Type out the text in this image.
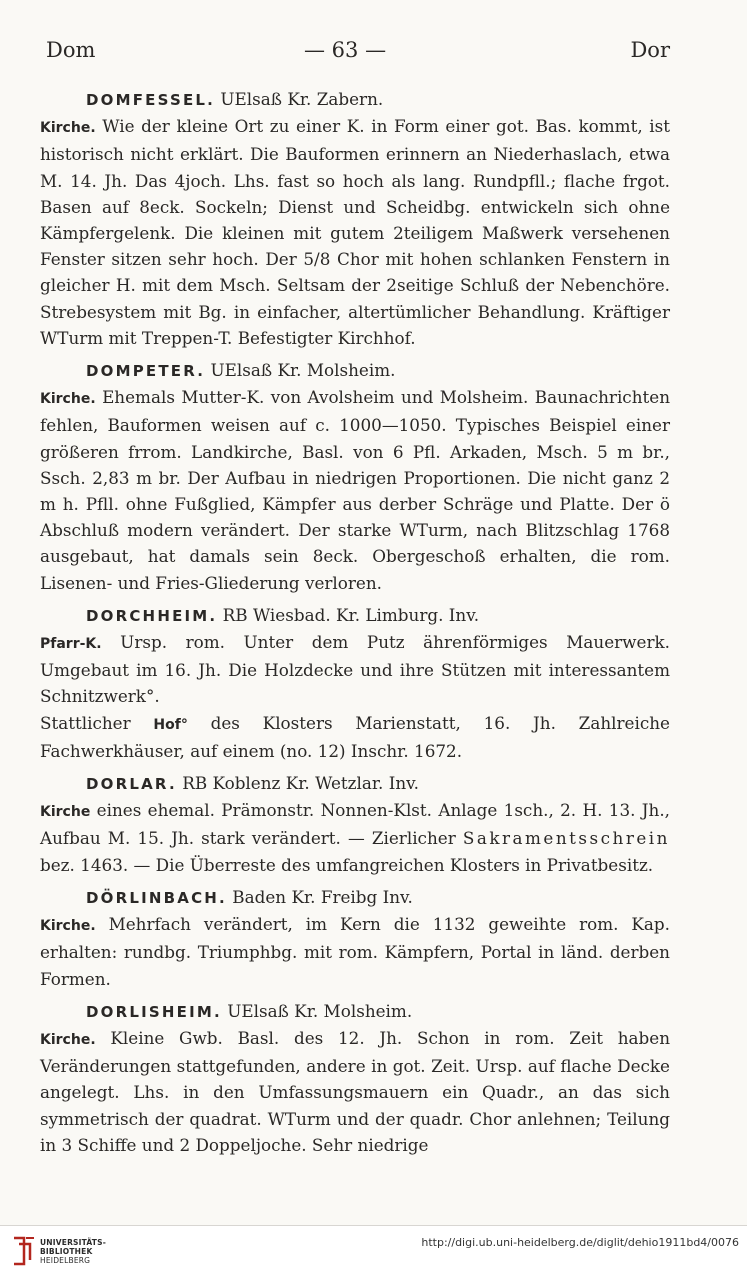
Dom	— 63 —	Dor

DOMFESSEL. UElsaß Kr. Zabern.

Kirche. Wie der kleine Ort zu einer K. in Form einer got. Bas. kommt, ist historisch nicht erklärt. Die Bauformen erinnern an Niederhaslach, etwa M. 14. Jh. Das 4joch. Lhs. fast so hoch als lang. Rundpfll.; flache frgot. Basen auf 8eck. Sockeln; Dienst und Scheidbg. entwickeln sich ohne Kämpfergelenk. Die kleinen mit gutem 2teiligem Maßwerk versehenen Fenster sitzen sehr hoch. Der 5/8 Chor mit hohen schlanken Fenstern in gleicher H. mit dem Msch. Seltsam der 2seitige Schluß der Nebenchöre. Strebesystem mit Bg. in einfacher, altertümlicher Behandlung. Kräftiger WTurm mit Treppen-T. Befestigter Kirchhof.

DOMPETER. UElsaß Kr. Molsheim.

Kirche. Ehemals Mutter-K. von Avolsheim und Molsheim. Baunachrichten fehlen, Bauformen weisen auf c. 1000—1050. Typisches Beispiel einer größeren frrom. Landkirche, Basl. von 6 Pfl. Arkaden, Msch. 5 m br., Ssch. 2,83 m br. Der Aufbau in niedrigen Proportionen. Die nicht ganz 2 m h. Pfll. ohne Fußglied, Kämpfer aus derber Schräge und Platte. Der ö Abschluß modern verändert. Der starke WTurm, nach Blitzschlag 1768 ausgebaut, hat damals sein 8eck. Obergeschoß erhalten, die rom. Lisenen- und Fries-Gliederung verloren.

DORCHHEIM. RB Wiesbad. Kr. Limburg. Inv.

Pfarr-K. Ursp. rom. Unter dem Putz ährenförmiges Mauerwerk. Umgebaut im 16. Jh. Die Holzdecke und ihre Stützen mit interessantem Schnitzwerk°.

Stattlicher Hof° des Klosters Marienstatt, 16. Jh. Zahlreiche Fachwerkhäuser, auf einem (no. 12) Inschr. 1672.

DORLAR. RB Koblenz Kr. Wetzlar. Inv.

Kirche eines ehemal. Prämonstr. Nonnen-Klst. Anlage 1sch., 2. H. 13. Jh., Aufbau M. 15. Jh. stark verändert. — Zierlicher Sakramentsschrein bez. 1463. — Die Überreste des umfangreichen Klosters in Privatbesitz.

DÖRLINBACH. Baden Kr. Freibg Inv.

Kirche. Mehrfach verändert, im Kern die 1132 geweihte rom. Kap. erhalten: rundbg. Triumphbg. mit rom. Kämpfern, Portal in länd. derben Formen.

DORLISHEIM. UElsaß Kr. Molsheim.

Kirche. Kleine Gwb. Basl. des 12. Jh. Schon in rom. Zeit haben Veränderungen stattgefunden, andere in got. Zeit. Ursp. auf flache Decke angelegt. Lhs. in den Umfassungsmauern ein Quadr., an das sich symmetrisch der quadrat. WTurm und der quadr. Chor anlehnen; Teilung in 3 Schiffe und 2 Doppeljoche. Sehr niedrige

UNIVERSITÄTS-
BIBLIOTHEK
HEIDELBERG
http://digi.ub.uni-heidelberg.de/diglit/dehio1911bd4/0076
